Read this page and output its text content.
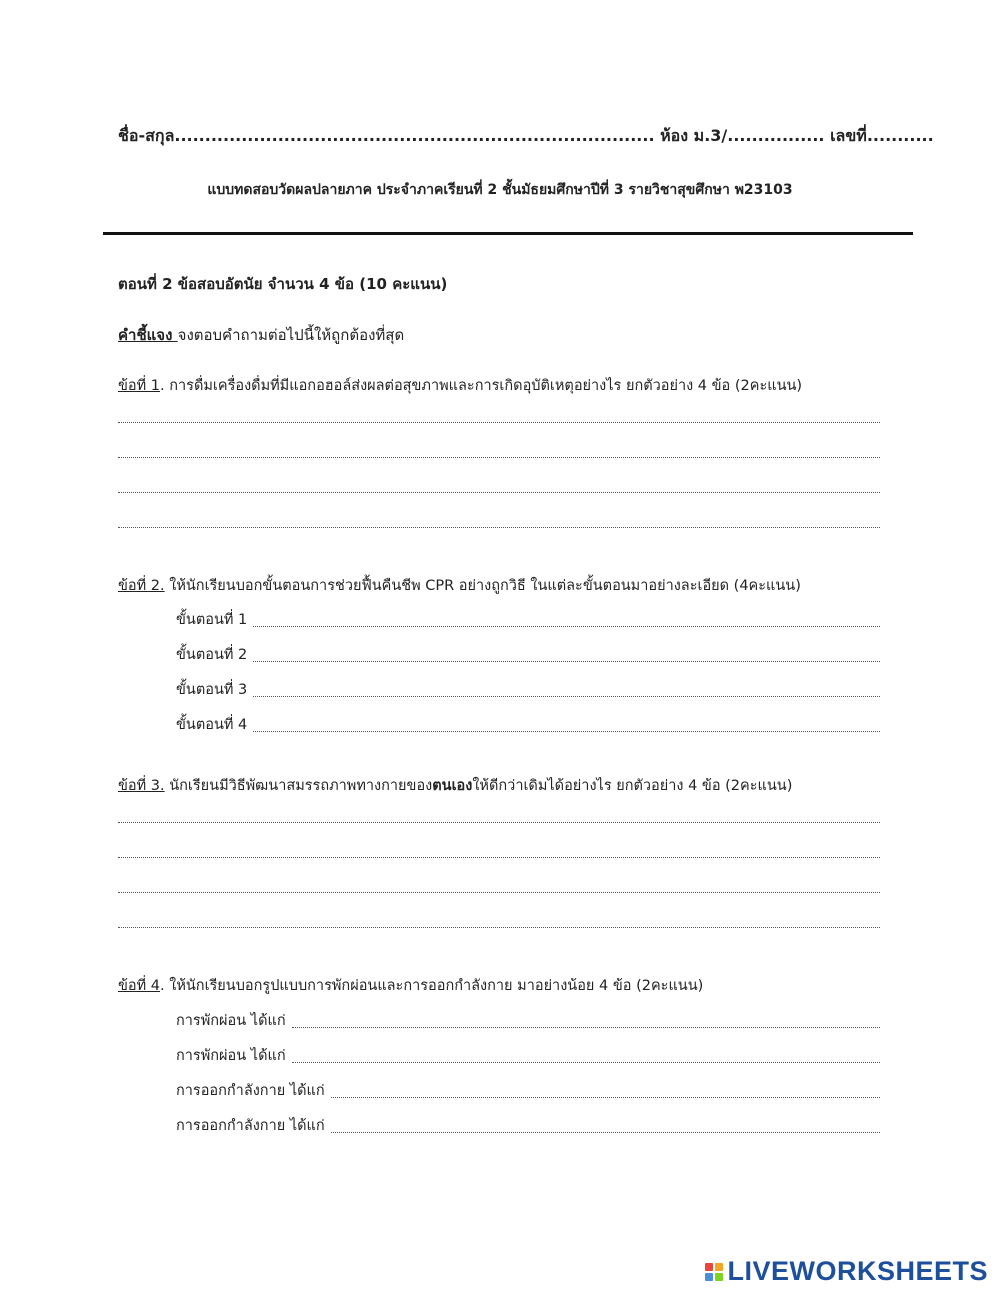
ชื่อ-สกุล............................................................................... ห้อง ม.3/................ เลขที่...........
แบบทดสอบวัดผลปลายภาค ประจำภาคเรียนที่ 2 ชั้นมัธยมศึกษาปีที่ 3 รายวิชาสุขศึกษา พ23103
ตอนที่ 2 ข้อสอบอัตนัย จำนวน 4 ข้อ (10 คะแนน)
คำชี้แจง จงตอบคำถามต่อไปนี้ให้ถูกต้องที่สุด
ข้อที่ 1. การดื่มเครื่องดื่มที่มีแอกอฮอล์ส่งผลต่อสุขภาพและการเกิดอุบัติเหตุอย่างไร ยกตัวอย่าง 4 ข้อ (2คะแนน)
ข้อที่ 2. ให้นักเรียนบอกขั้นตอนการช่วยฟื้นคืนชีพ CPR อย่างถูกวิธี ในแต่ละขั้นตอนมาอย่างละเอียด (4คะแนน)
ขั้นตอนที่ 1
ขั้นตอนที่ 2
ขั้นตอนที่ 3
ขั้นตอนที่ 4
ข้อที่ 3. นักเรียนมีวิธีพัฒนาสมรรถภาพทางกายของตนเองให้ดีกว่าเดิมได้อย่างไร ยกตัวอย่าง 4 ข้อ (2คะแนน)
ข้อที่ 4. ให้นักเรียนบอกรูปแบบการพักผ่อนและการออกกำลังกาย มาอย่างน้อย 4 ข้อ (2คะแนน)
การพักผ่อน ได้แก่
การพักผ่อน ได้แก่
การออกกำลังกาย ได้แก่
การออกกำลังกาย ได้แก่
LIVEWORKSHEETS
